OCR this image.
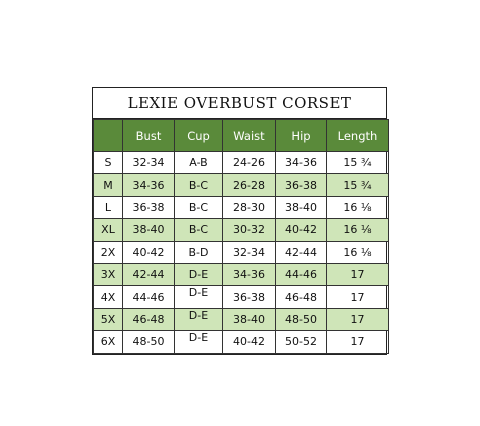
LEXIE OVERBUST CORSET
	Bust	Cup	Waist	Hip	Length
S	32-34	A-B	24-26	34-36	15 ¾
M	34-36	B-C	26-28	36-38	15 ¾
L	36-38	B-C	28-30	38-40	16 ⅛
XL	38-40	B-C	30-32	40-42	16 ⅛
2X	40-42	B-D	32-34	42-44	16 ⅛
3X	42-44	D-E	34-36	44-46	17
4X	44-46	D-E	36-38	46-48	17
5X	46-48	D-E	38-40	48-50	17
6X	48-50	D-E	40-42	50-52	17
